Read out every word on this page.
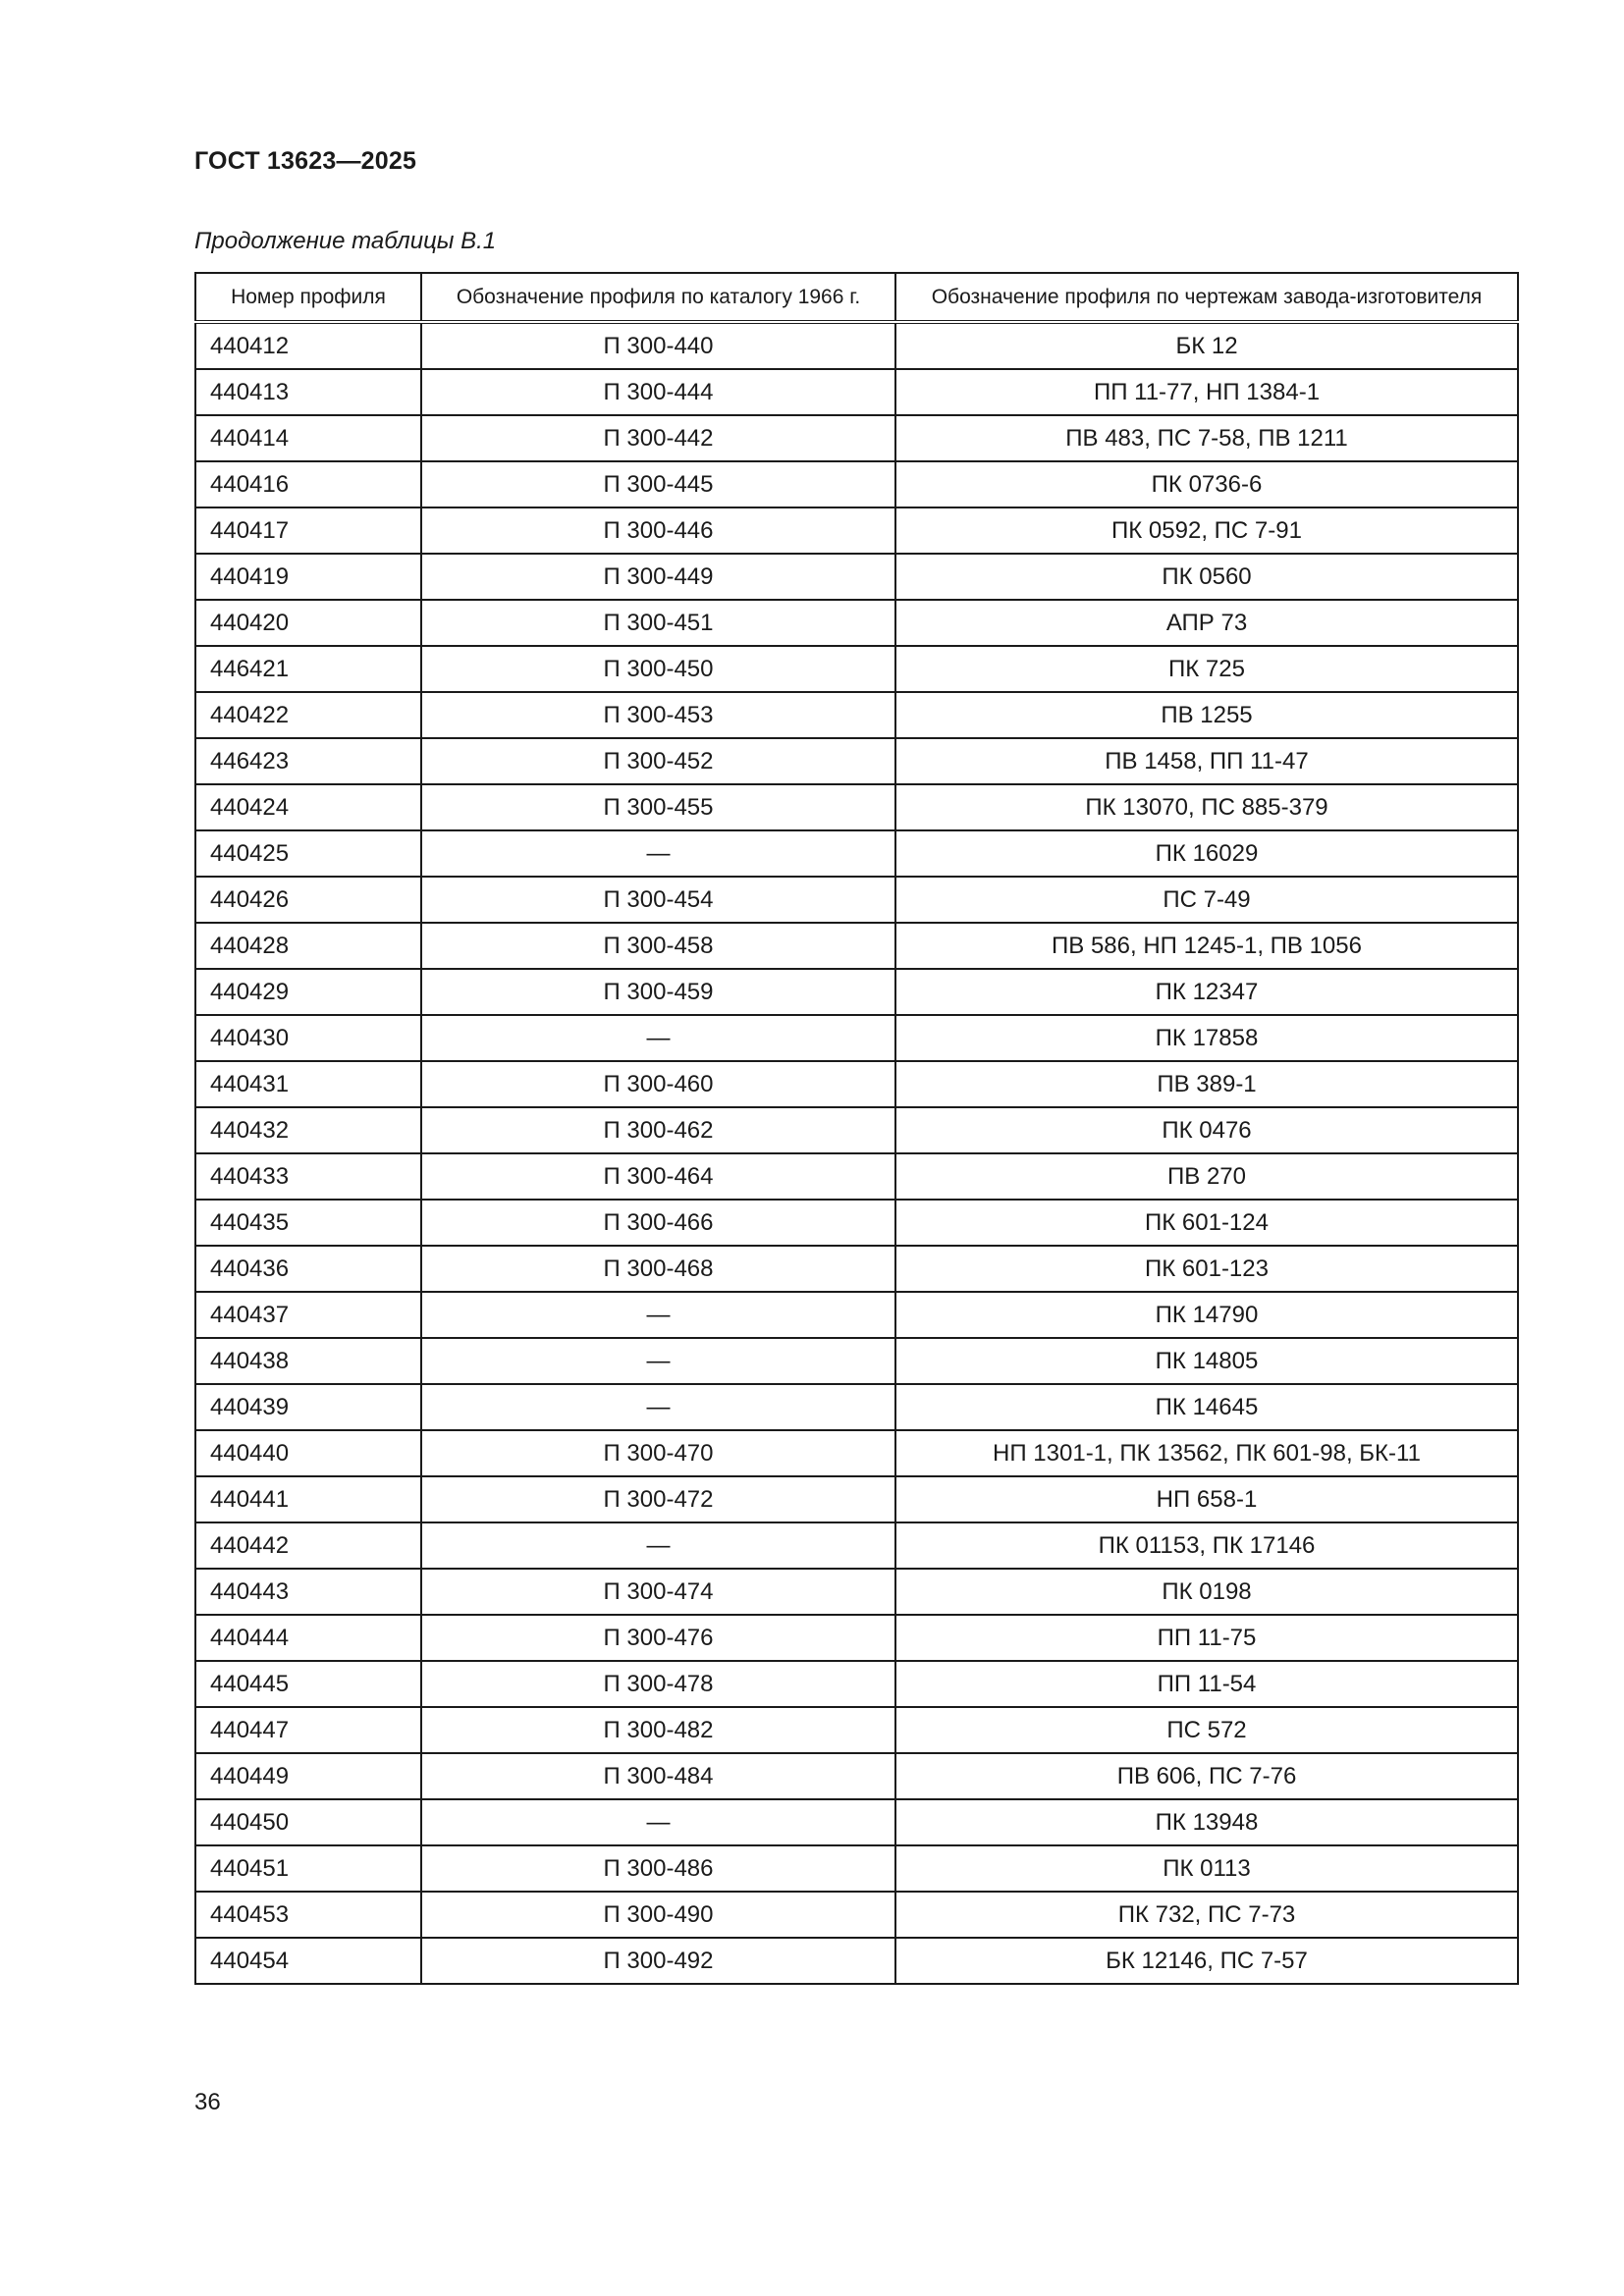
ГОСТ 13623—2025

Продолжение таблицы В.1

Номер профиля	Обозначение профиля по каталогу 1966 г.	Обозначение профиля по чертежам завода-изготовителя
440412	П 300-440	БК 12
440413	П 300-444	ПП 11-77, НП 1384-1
440414	П 300-442	ПВ 483, ПС 7-58, ПВ 1211
440416	П 300-445	ПК 0736-6
440417	П 300-446	ПК 0592, ПС 7-91
440419	П 300-449	ПК 0560
440420	П 300-451	АПР 73
446421	П 300-450	ПК 725
440422	П 300-453	ПВ 1255
446423	П 300-452	ПВ 1458, ПП 11-47
440424	П 300-455	ПК 13070, ПС 885-379
440425	—	ПК 16029
440426	П 300-454	ПС 7-49
440428	П 300-458	ПВ 586, НП 1245-1, ПВ 1056
440429	П 300-459	ПК 12347
440430	—	ПК 17858
440431	П 300-460	ПВ 389-1
440432	П 300-462	ПК 0476
440433	П 300-464	ПВ 270
440435	П 300-466	ПК 601-124
440436	П 300-468	ПК 601-123
440437	—	ПК 14790
440438	—	ПК 14805
440439	—	ПК 14645
440440	П 300-470	НП 1301-1, ПК 13562, ПК 601-98, БК-11
440441	П 300-472	НП 658-1
440442	—	ПК 01153, ПК 17146
440443	П 300-474	ПК 0198
440444	П 300-476	ПП 11-75
440445	П 300-478	ПП 11-54
440447	П 300-482	ПС 572
440449	П 300-484	ПВ 606, ПС 7-76
440450	—	ПК 13948
440451	П 300-486	ПК 0113
440453	П 300-490	ПК 732, ПС 7-73
440454	П 300-492	БК 12146, ПС 7-57

36
